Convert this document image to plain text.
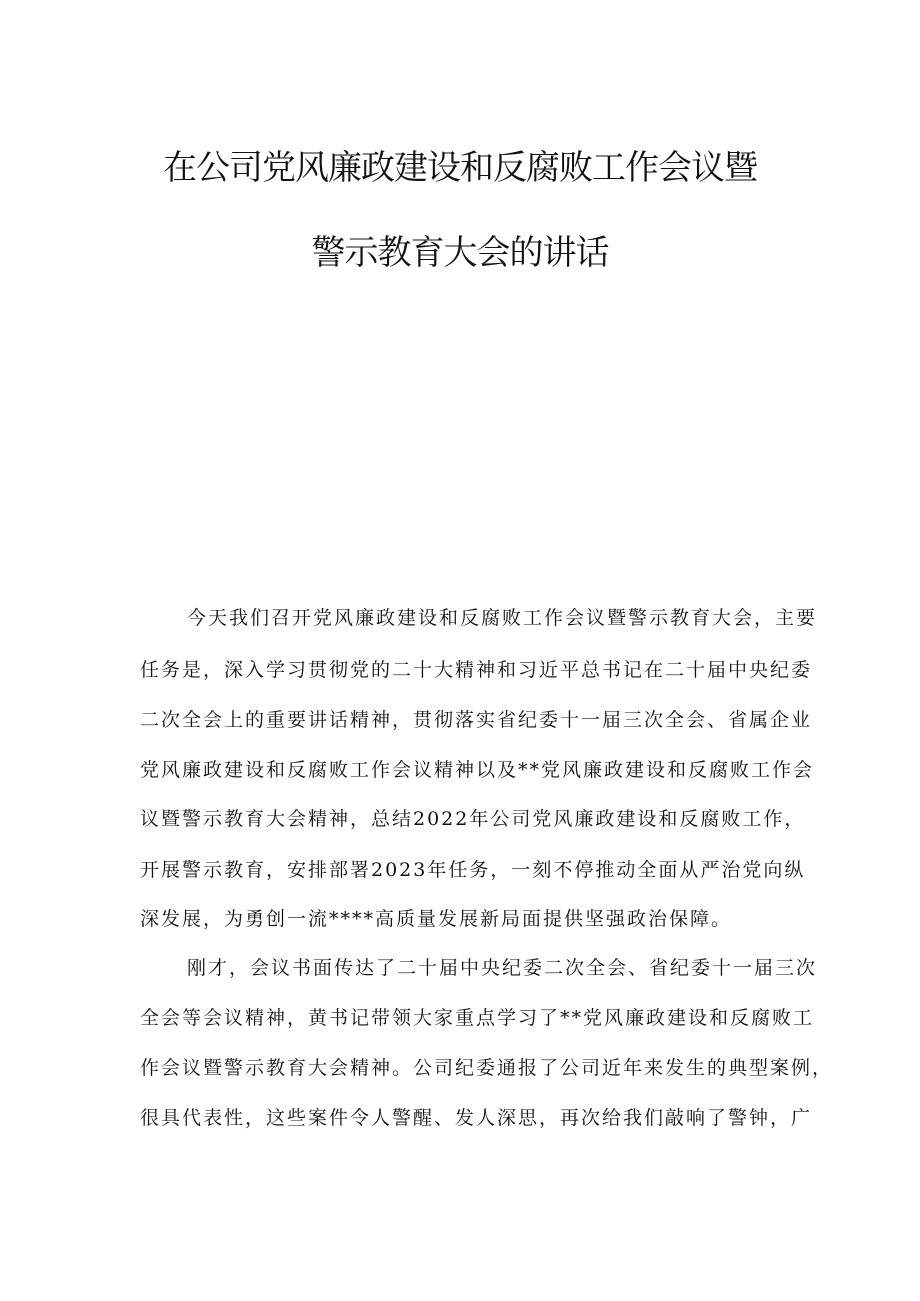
在公司党风廉政建设和反腐败工作会议暨
警示教育大会的讲话
今天我们召开党风廉政建设和反腐败工作会议暨警示教育大会，主要
任务是，深入学习贯彻党的二十大精神和习近平总书记在二十届中央纪委
二次全会上的重要讲话精神，贯彻落实省纪委十一届三次全会、省属企业
党风廉政建设和反腐败工作会议精神以及**党风廉政建设和反腐败工作会
议暨警示教育大会精神，总结2022年公司党风廉政建设和反腐败工作，
开展警示教育，安排部署2023年任务，一刻不停推动全面从严治党向纵
深发展，为勇创一流****高质量发展新局面提供坚强政治保障。
刚才，会议书面传达了二十届中央纪委二次全会、省纪委十一届三次
全会等会议精神，黄书记带领大家重点学习了**党风廉政建设和反腐败工
作会议暨警示教育大会精神。公司纪委通报了公司近年来发生的典型案例，
很具代表性，这些案件令人警醒、发人深思，再次给我们敲响了警钟，广
